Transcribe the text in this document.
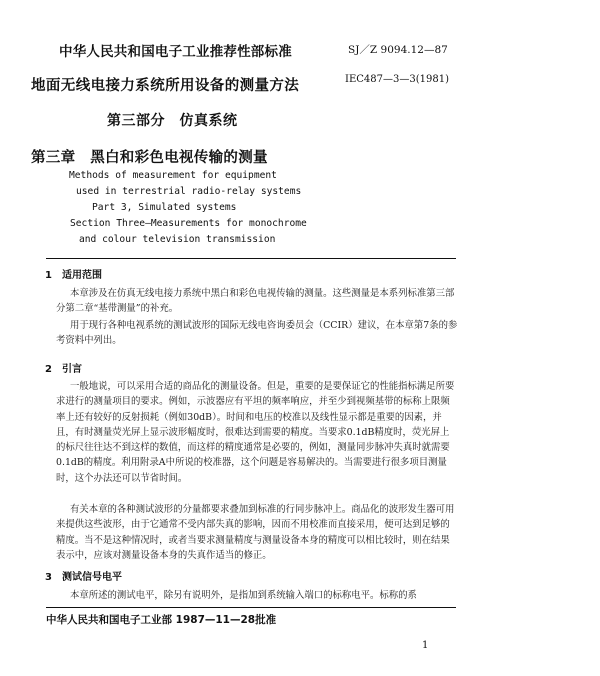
中华人民共和国电子工业推荐性部标准	SJ／Z 9094.12—87
地面无线电接力系统所用设备的测量方法	IEC487—3—3(1981)
第三部分　仿真系统
第三章　黑白和彩色电视传输的测量
Methods of measurement for equipment
used in terrestrial radio-relay systems
Part 3, Simulated systems
Section Three—Measurements for monochrome
and colour television transmission
1　适用范围

本章涉及在仿真无线电接力系统中黑白和彩色电视传输的测量。这些测量是本系列标准第三部分第二章“基带测量”的补充。

用于现行各种电视系统的测试波形的国际无线电咨询委员会（CCIR）建议，在本章第7条的参考资料中列出。

2　引言

一般地说，可以采用合适的商品化的测量设备。但是，重要的是要保证它的性能指标满足所要求进行的测量项目的要求。例如，示波器应有平坦的频率响应，并至少到视频基带的标称上限频率上还有较好的反射损耗（例如30dB）。时间和电压的校准以及线性显示都是重要的因素，并且，有时测量荧光屏上显示波形幅度时，很难达到需要的精度。当要求0.1dB精度时，荧光屏上的标尺往往达不到这样的数值，而这样的精度通常是必要的，例如，测量同步脉冲失真时就需要0.1dB的精度。利用附录A中所说的校准器，这个问题是容易解决的。当需要进行很多项目测量时，这个办法还可以节省时间。

有关本章的各种测试波形的分量都要求叠加到标准的行同步脉冲上。商品化的波形发生器可用来提供这些波形，由于它通常不受内部失真的影响，因而不用校准而直接采用，便可达到足够的精度。当不是这种情况时，或者当要求测量精度与测量设备本身的精度可以相比较时，则在结果表示中，应该对测量设备本身的失真作适当的修正。

3　测试信号电平

本章所述的测试电平，除另有说明外，是指加到系统输入端口的标称电平。标称的系

中华人民共和国电子工业部 1987—11—28批准
1
